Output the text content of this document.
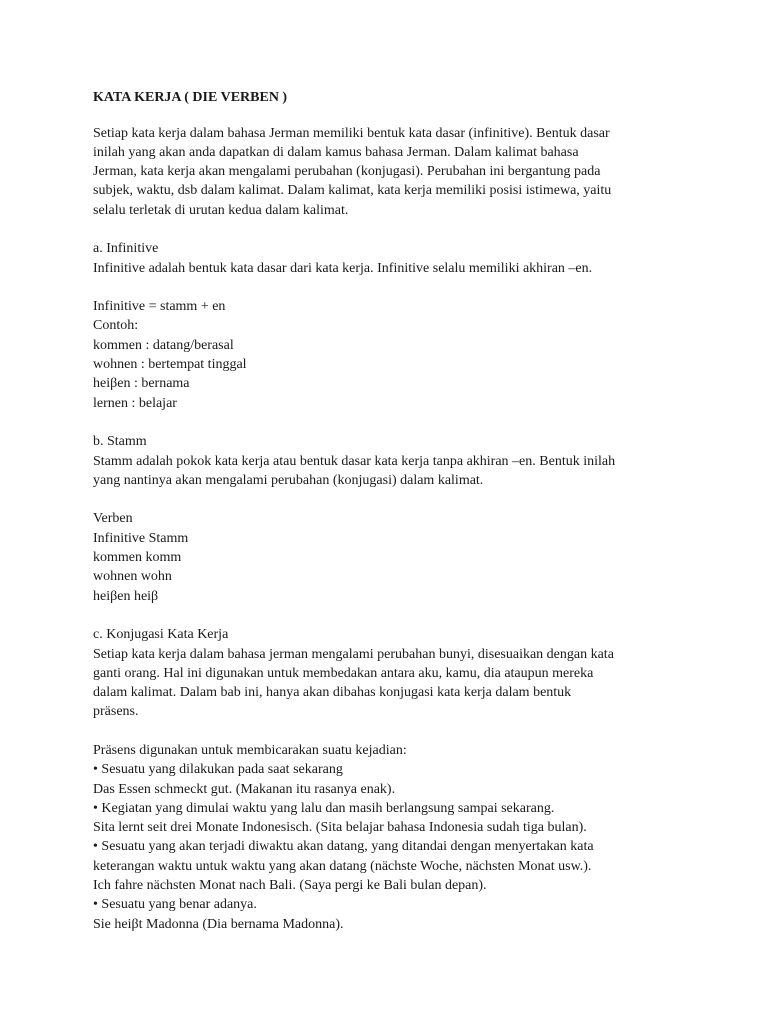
KATA KERJA ( DIE VERBEN )
Setiap kata kerja dalam bahasa Jerman memiliki bentuk kata dasar (infinitive). Bentuk dasar
inilah yang akan anda dapatkan di dalam kamus bahasa Jerman. Dalam kalimat bahasa
Jerman, kata kerja akan mengalami perubahan (konjugasi). Perubahan ini bergantung pada
subjek, waktu, dsb dalam kalimat. Dalam kalimat, kata kerja memiliki posisi istimewa, yaitu
selalu terletak di urutan kedua dalam kalimat.
a. Infinitive
Infinitive adalah bentuk kata dasar dari kata kerja. Infinitive selalu memiliki akhiran –en.
Infinitive = stamm + en
Contoh:
kommen : datang/berasal
wohnen : bertempat tinggal
heiβen : bernama
lernen : belajar
b. Stamm
Stamm adalah pokok kata kerja atau bentuk dasar kata kerja tanpa akhiran –en. Bentuk inilah
yang nantinya akan mengalami perubahan (konjugasi) dalam kalimat.
Verben
Infinitive Stamm
kommen komm
wohnen wohn
heiβen heiβ
c. Konjugasi Kata Kerja
Setiap kata kerja dalam bahasa jerman mengalami perubahan bunyi, disesuaikan dengan kata
ganti orang. Hal ini digunakan untuk membedakan antara aku, kamu, dia ataupun mereka
dalam kalimat. Dalam bab ini, hanya akan dibahas konjugasi kata kerja dalam bentuk
präsens.
Präsens digunakan untuk membicarakan suatu kejadian:
• Sesuatu yang dilakukan pada saat sekarang
Das Essen schmeckt gut. (Makanan itu rasanya enak).
• Kegiatan yang dimulai waktu yang lalu dan masih berlangsung sampai sekarang.
Sita lernt seit drei Monate Indonesisch. (Sita belajar bahasa Indonesia sudah tiga bulan).
• Sesuatu yang akan terjadi diwaktu akan datang, yang ditandai dengan menyertakan kata
keterangan waktu untuk waktu yang akan datang (nächste Woche, nächsten Monat usw.).
Ich fahre nächsten Monat nach Bali. (Saya pergi ke Bali bulan depan).
• Sesuatu yang benar adanya.
Sie heiβt Madonna (Dia bernama Madonna).
